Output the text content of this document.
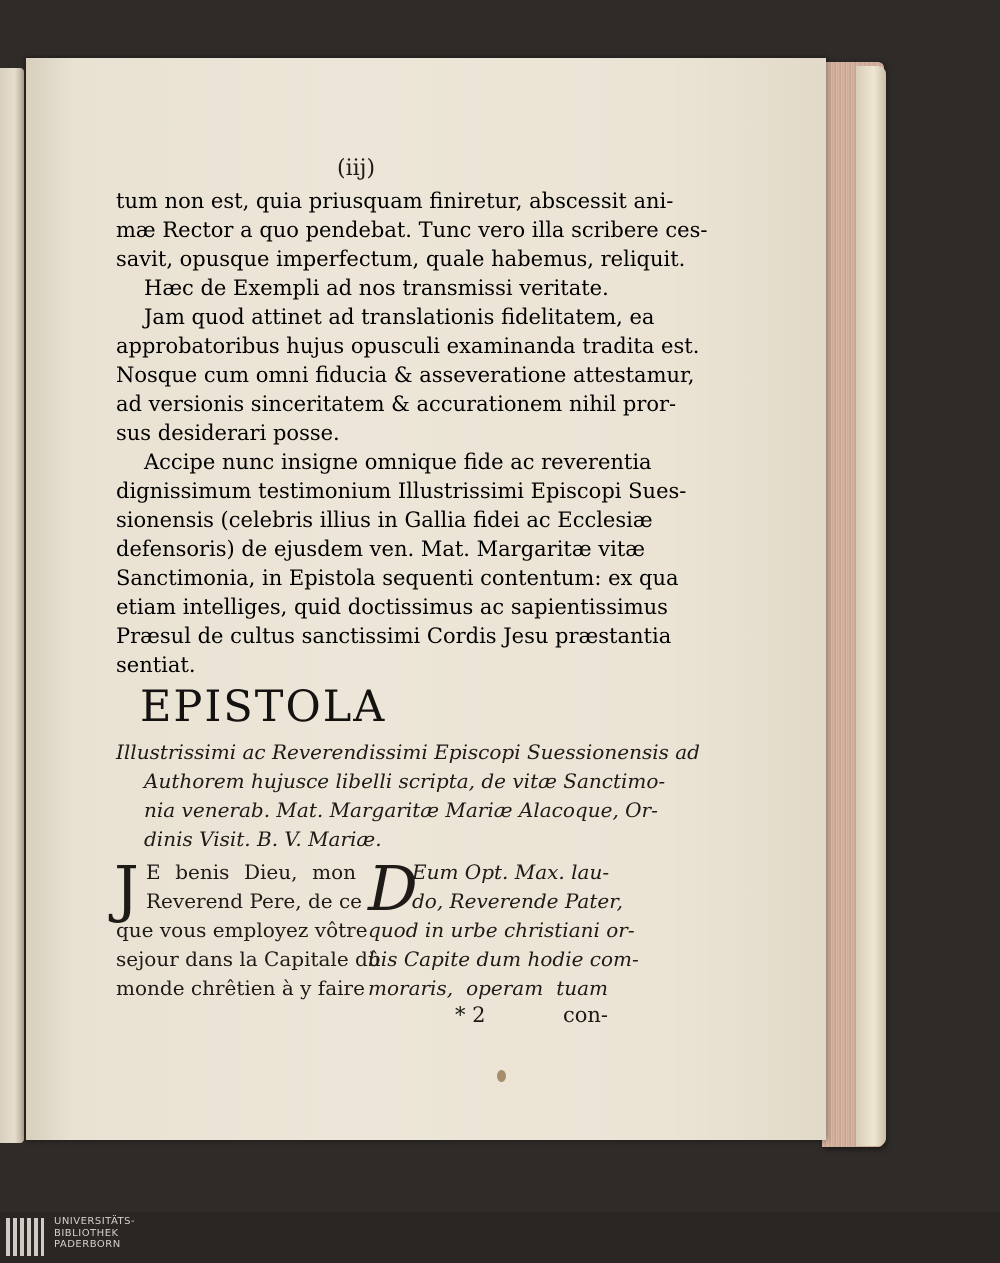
(iij)
tum non est, quia priusquam finiretur, abscessit ani-
mæ Rector a quo pendebat. Tunc vero illa scribere ces-
savit, opusque imperfectum, quale habemus, reliquit.
Hæc de Exempli ad nos transmissi veritate.
Jam quod attinet ad translationis fidelitatem, ea
approbatoribus hujus opusculi examinanda tradita est.
Nosque cum omni fiducia & asseveratione attestamur,
ad versionis sinceritatem & accurationem nihil pror-
sus desiderari posse.
Accipe nunc insigne omnique fide ac reverentia
dignissimum testimonium Illustrissimi Episcopi Sues-
sionensis (celebris illius in Gallia fidei ac Ecclesiæ
defensoris) de ejusdem ven. Mat. Margaritæ vitæ
Sanctimonia, in Epistola sequenti contentum: ex qua
etiam intelliges, quid doctissimus ac sapientissimus
Præsul de cultus sanctissimi Cordis Jesu præstantia
sentiat.
EPISTOLA
Illustrissimi ac Reverendissimi Episcopi Suessionensis ad
Authorem hujusce libelli scripta, de vitæ Sanctimo-
nia venerab. Mat. Margaritæ Mariæ Alacoque, Or-
dinis Visit. B. V. Mariæ.
J E benis Dieu, mon
Reverend Pere, de ce
que vous employez vôtre
sejour dans la Capitale dû
monde chrêtien à y faire
D
Eum Opt. Max. lau-
do, Reverende Pater,
quod in urbe christiani or-
bis Capite dum hodie com-
moraris, operam tuam
* 2	con-
UNIVERSITÄTS-
BIBLIOTHEK
PADERBORN
